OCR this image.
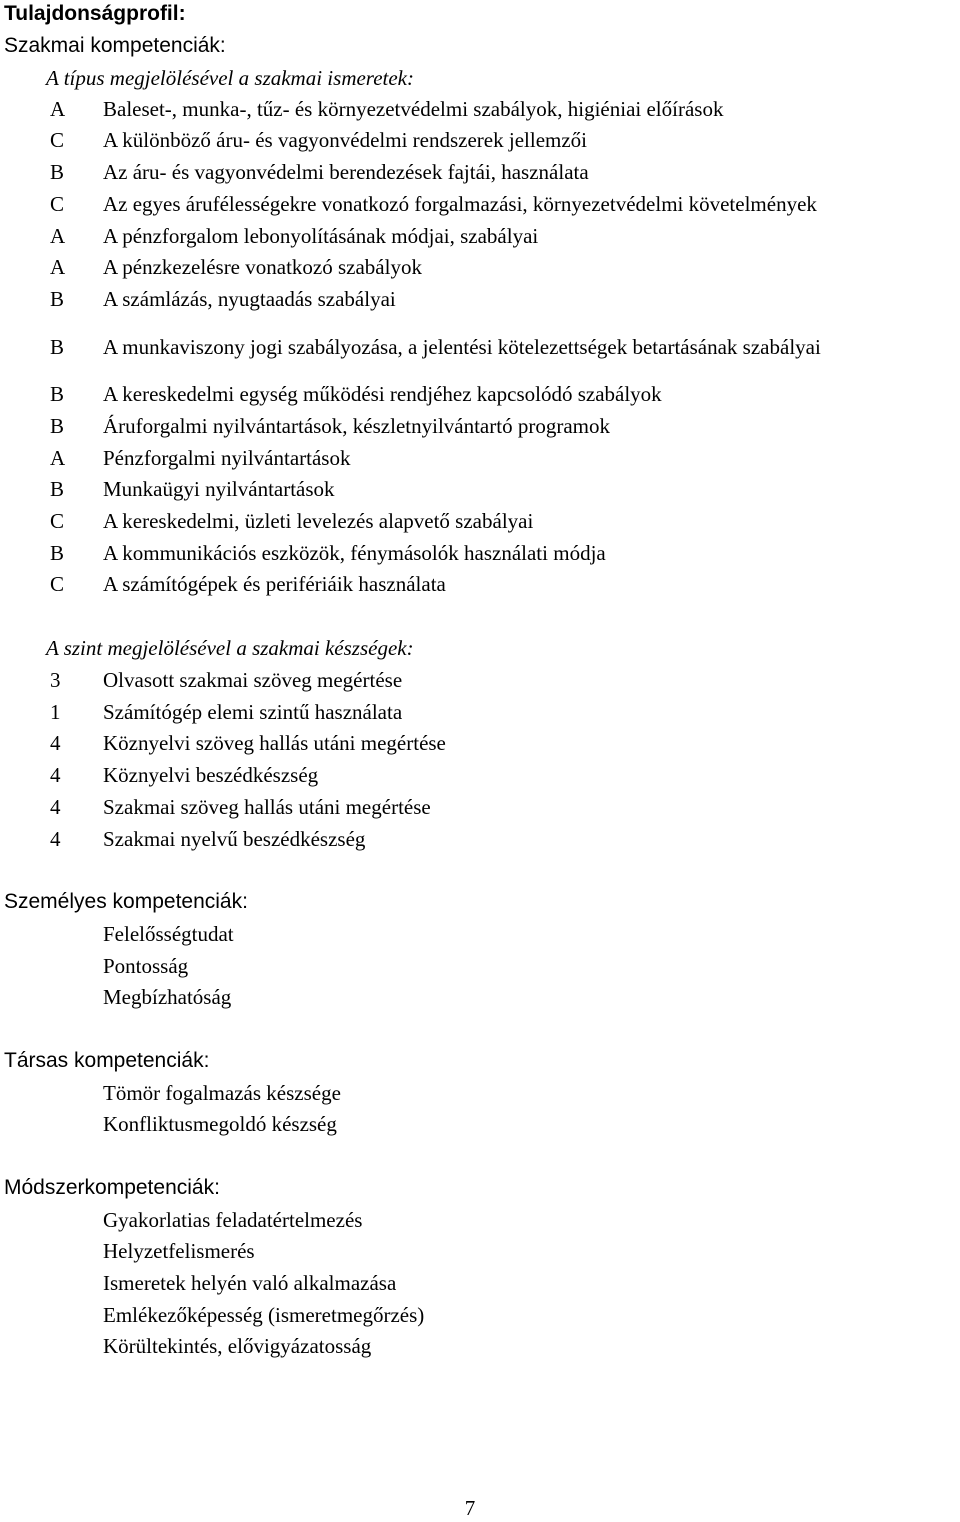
Tulajdonságprofil:
Szakmai kompetenciák:
A típus megjelölésével a szakmai ismeretek:
A	Baleset-, munka-, tűz- és környezetvédelmi szabályok, higiéniai előírások
C	A különböző áru- és vagyonvédelmi rendszerek jellemzői
B	Az áru- és vagyonvédelmi berendezések fajtái, használata
C	Az egyes árufélességekre vonatkozó forgalmazási, környezetvédelmi követelmények
A	A pénzforgalom lebonyolításának módjai, szabályai
A	A pénzkezelésre vonatkozó szabályok
B	A számlázás, nyugtaadás szabályai
B	A munkaviszony jogi szabályozása, a jelentési kötelezettségek betartásának szabályai
B	A kereskedelmi egység működési rendjéhez kapcsolódó szabályok
B	Áruforgalmi nyilvántartások, készletnyilvántartó programok
A	Pénzforgalmi nyilvántartások
B	Munkaügyi nyilvántartások
C	A kereskedelmi, üzleti levelezés alapvető szabályai
B	A kommunikációs eszközök, fénymásolók használati módja
C	A számítógépek és perifériáik használata
A szint megjelölésével a szakmai készségek:
3	Olvasott szakmai szöveg megértése
1	Számítógép elemi szintű használata
4	Köznyelvi szöveg hallás utáni megértése
4	Köznyelvi beszédkészség
4	Szakmai szöveg hallás utáni megértése
4	Szakmai nyelvű beszédkészség
Személyes kompetenciák:
Felelősségtudat
Pontosság
Megbízhatóság
Társas kompetenciák:
Tömör fogalmazás készsége
Konfliktusmegoldó készség
Módszerkompetenciák:
Gyakorlatias feladatértelmezés
Helyzetfelismerés
Ismeretek helyén való alkalmazása
Emlékezőképesség (ismeretmegőrzés)
Körültekintés, elővigyázatosság
7
